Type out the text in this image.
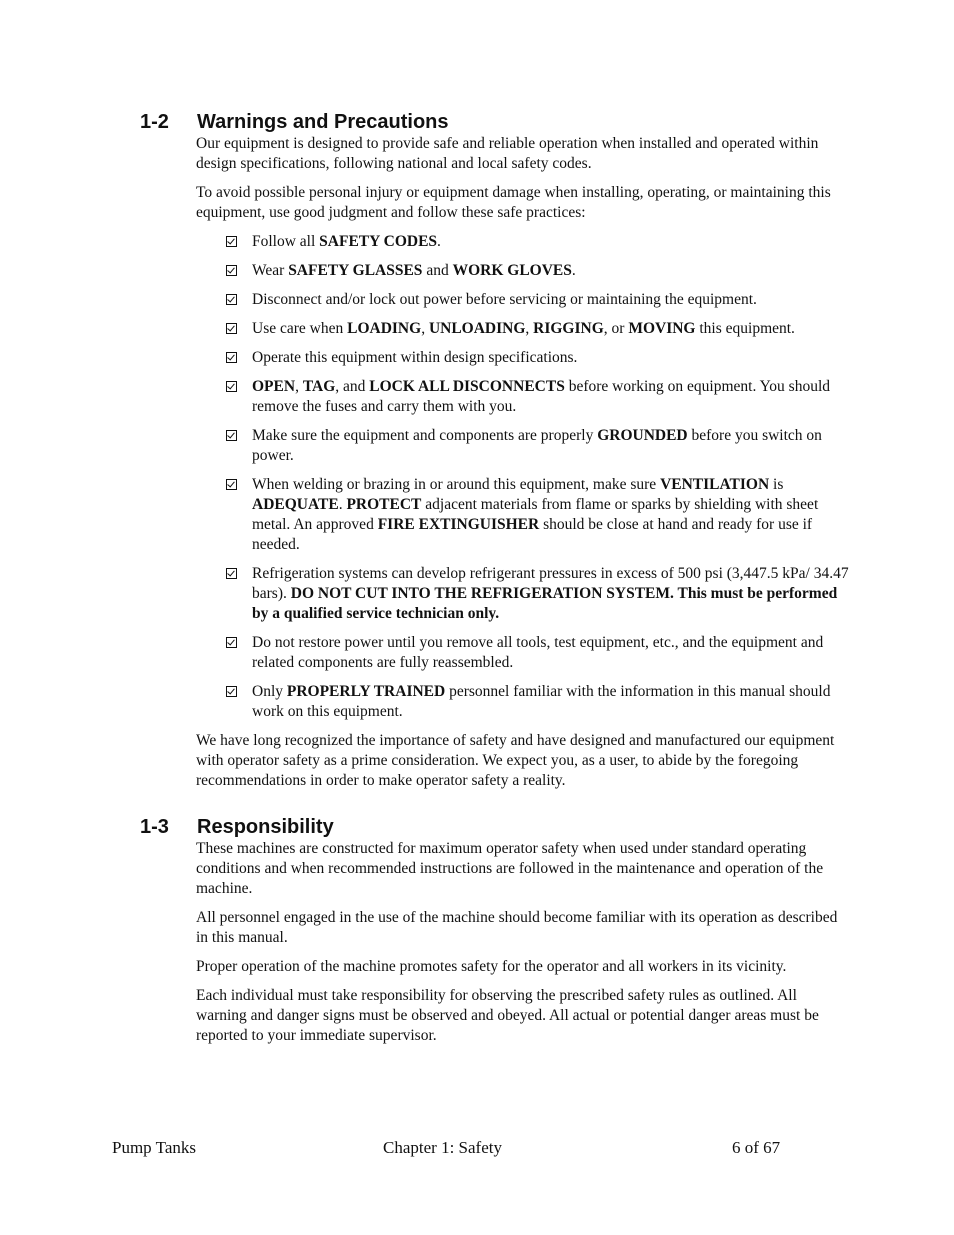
1-2 Warnings and Precautions

Our equipment is designed to provide safe and reliable operation when installed and operated within design specifications, following national and local safety codes.

To avoid possible personal injury or equipment damage when installing, operating, or maintaining this equipment, use good judgment and follow these safe practices:

Follow all SAFETY CODES.
Wear SAFETY GLASSES and WORK GLOVES.
Disconnect and/or lock out power before servicing or maintaining the equipment.
Use care when LOADING, UNLOADING, RIGGING, or MOVING this equipment.
Operate this equipment within design specifications.
OPEN, TAG, and LOCK ALL DISCONNECTS before working on equipment. You should remove the fuses and carry them with you.
Make sure the equipment and components are properly GROUNDED before you switch on power.
When welding or brazing in or around this equipment, make sure VENTILATION is ADEQUATE. PROTECT adjacent materials from flame or sparks by shielding with sheet metal. An approved FIRE EXTINGUISHER should be close at hand and ready for use if needed.
Refrigeration systems can develop refrigerant pressures in excess of 500 psi (3,447.5 kPa/ 34.47 bars). DO NOT CUT INTO THE REFRIGERATION SYSTEM. This must be performed by a qualified service technician only.
Do not restore power until you remove all tools, test equipment, etc., and the equipment and related components are fully reassembled.
Only PROPERLY TRAINED personnel familiar with the information in this manual should work on this equipment.

We have long recognized the importance of safety and have designed and manufactured our equipment with operator safety as a prime consideration. We expect you, as a user, to abide by the foregoing recommendations in order to make operator safety a reality.

1-3 Responsibility

These machines are constructed for maximum operator safety when used under standard operating conditions and when recommended instructions are followed in the maintenance and operation of the machine.

All personnel engaged in the use of the machine should become familiar with its operation as described in this manual.

Proper operation of the machine promotes safety for the operator and all workers in its vicinity.

Each individual must take responsibility for observing the prescribed safety rules as outlined. All warning and danger signs must be observed and obeyed. All actual or potential danger areas must be reported to your immediate supervisor.

Pump Tanks	Chapter 1: Safety	6 of 67
